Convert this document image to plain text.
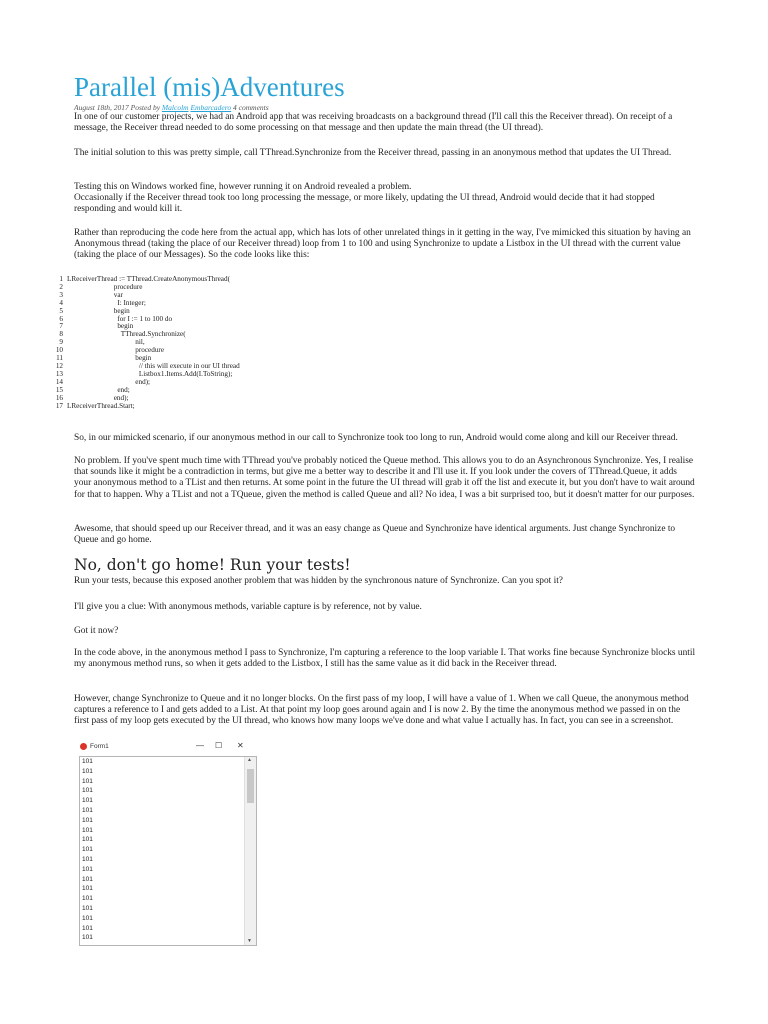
Parallel (mis)Adventures
August 18th, 2017 Posted by Malcolm Embarcadero 4 comments

In one of our customer projects, we had an Android app that was receiving broadcasts on a background thread (I'll call this the Receiver thread). On receipt of a message, the Receiver thread needed to do some processing on that message and then update the main thread (the UI thread).

The initial solution to this was pretty simple, call TThread.Synchronize from the Receiver thread, passing in an anonymous method that updates the UI Thread.

Testing this on Windows worked fine, however running it on Android revealed a problem.
Occasionally if the Receiver thread took too long processing the message, or more likely, updating the UI thread, Android would decide that it had stopped responding and would kill it.

Rather than reproducing the code here from the actual app, which has lots of other unrelated things in it getting in the way, I've mimicked this situation by having an Anonymous thread (taking the place of our Receiver thread) loop from 1 to 100 and using Synchronize to update a Listbox in the UI thread with the current value (taking the place of our Messages). So the code looks like this:

1 LReceiverThread := TThread.CreateAnonymousThread(
2 procedure
3 var
4 I: Integer;
5 begin
6 for I := 1 to 100 do
7 begin
8 TThread.Synchronize(
9 nil,
10 procedure
11 begin
12 // this will execute in our UI thread
13 Listbox1.Items.Add(I.ToString);
14 end);
15 end;
16 end);
17 LReceiverThread.Start;

So, in our mimicked scenario, if our anonymous method in our call to Synchronize took too long to run, Android would come along and kill our Receiver thread.

No problem. If you've spent much time with TThread you've probably noticed the Queue method. This allows you to do an Asynchronous Synchronize. Yes, I realise that sounds like it might be a contradiction in terms, but give me a better way to describe it and I'll use it. If you look under the covers of TThread.Queue, it adds your anonymous method to a TList and then returns. At some point in the future the UI thread will grab it off the list and execute it, but you don't have to wait around for that to happen. Why a TList and not a TQueue, given the method is called Queue and all? No idea, I was a bit surprised too, but it doesn't matter for our purposes.

Awesome, that should speed up our Receiver thread, and it was an easy change as Queue and Synchronize have identical arguments. Just change Synchronize to Queue and go home.

No, don't go home! Run your tests!

Run your tests, because this exposed another problem that was hidden by the synchronous nature of Synchronize. Can you spot it?

I'll give you a clue: With anonymous methods, variable capture is by reference, not by value.

Got it now?

In the code above, in the anonymous method I pass to Synchronize, I'm capturing a reference to the loop variable I. That works fine because Synchronize blocks until my anonymous method runs, so when it gets added to the Listbox, I still has the same value as it did back in the Receiver thread.

However, change Synchronize to Queue and it no longer blocks. On the first pass of my loop, I will have a value of 1. When we call Queue, the anonymous method captures a reference to I and gets added to a List. At that point my loop goes around again and I is now 2. By the time the anonymous method we passed in on the first pass of my loop gets executed by the UI thread, who knows how many loops we've done and what value I actually has. In fact, you can see in a screenshot.

Form1	— ☐ ✕
101
101
101
101
101
101
101
101
101
101
101
101
101
101
101
101
101
101
101
▲
▼
